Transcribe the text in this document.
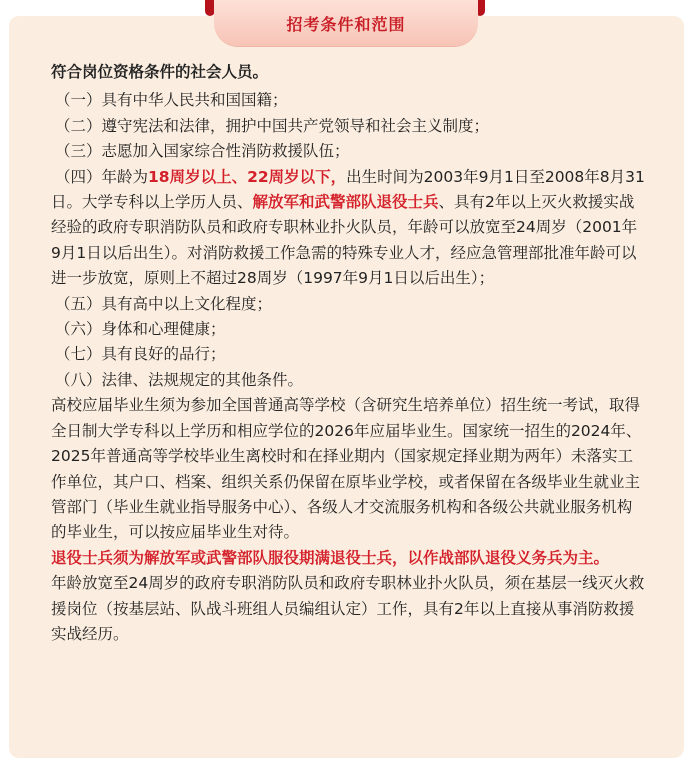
招考条件和范围

符合岗位资格条件的社会人员。

（一）具有中华人民共和国国籍；

（二）遵守宪法和法律，拥护中国共产党领导和社会主义制度；

（三）志愿加入国家综合性消防救援队伍；

（四）年龄为18周岁以上、22周岁以下，出生时间为2003年9月1日至2008年8月31日。大学专科以上学历人员、解放军和武警部队退役士兵、具有2年以上灭火救援实战经验的政府专职消防队员和政府专职林业扑火队员，年龄可以放宽至24周岁（2001年9月1日以后出生）。对消防救援工作急需的特殊专业人才，经应急管理部批准年龄可以进一步放宽，原则上不超过28周岁（1997年9月1日以后出生）；

（五）具有高中以上文化程度；

（六）身体和心理健康；

（七）具有良好的品行；

（八）法律、法规规定的其他条件。

高校应届毕业生须为参加全国普通高等学校（含研究生培养单位）招生统一考试，取得全日制大学专科以上学历和相应学位的2026年应届毕业生。国家统一招生的2024年、2025年普通高等学校毕业生离校时和在择业期内（国家规定择业期为两年）未落实工作单位，其户口、档案、组织关系仍保留在原毕业学校，或者保留在各级毕业生就业主管部门（毕业生就业指导服务中心）、各级人才交流服务机构和各级公共就业服务机构的毕业生，可以按应届毕业生对待。

退役士兵须为解放军或武警部队服役期满退役士兵，以作战部队退役义务兵为主。

年龄放宽至24周岁的政府专职消防队员和政府专职林业扑火队员，须在基层一线灭火救援岗位（按基层站、队战斗班组人员编组认定）工作，具有2年以上直接从事消防救援实战经历。
